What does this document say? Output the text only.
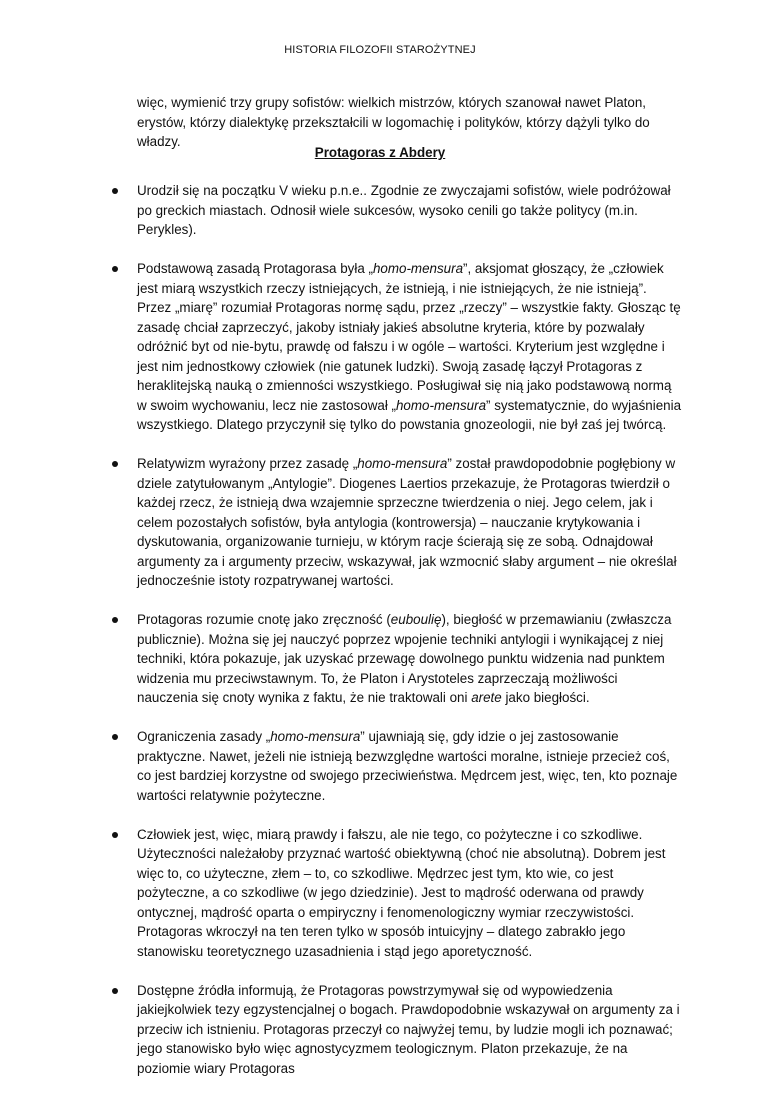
HISTORIA FILOZOFII STAROŻYTNEJ

więc, wymienić trzy grupy sofistów: wielkich mistrzów, których szanował nawet Platon, erystów, którzy dialektykę przekształcili w logomachię i polityków, którzy dążyli tylko do władzy.

Protagoras z Abdery

Urodził się na początku V wieku p.n.e.. Zgodnie ze zwyczajami sofistów, wiele podróżował po greckich miastach. Odnosił wiele sukcesów, wysoko cenili go także politycy (m.in. Perykles).

Podstawową zasadą Protagorasa była „homo-mensura”, aksjomat głoszący, że „człowiek jest miarą wszystkich rzeczy istniejących, że istnieją, i nie istniejących, że nie istnieją”. Przez „miarę” rozumiał Protagoras normę sądu, przez „rzeczy” – wszystkie fakty. Głosząc tę zasadę chciał zaprzeczyć, jakoby istniały jakieś absolutne kryteria, które by pozwalały odróżnić byt od nie-bytu, prawdę od fałszu i w ogóle – wartości. Kryterium jest względne i jest nim jednostkowy człowiek (nie gatunek ludzki). Swoją zasadę łączył Protagoras z heraklitejską nauką o zmienności wszystkiego. Posługiwał się nią jako podstawową normą w swoim wychowaniu, lecz nie zastosował „homo-mensura” systematycznie, do wyjaśnienia wszystkiego. Dlatego przyczynił się tylko do powstania gnozeologii, nie był zaś jej twórcą.

Relatywizm wyrażony przez zasadę „homo-mensura” został prawdopodobnie pogłębiony w dziele zatytułowanym „Antylogie”. Diogenes Laertios przekazuje, że Protagoras twierdził o każdej rzecz, że istnieją dwa wzajemnie sprzeczne twierdzenia o niej. Jego celem, jak i celem pozostałych sofistów, była antylogia (kontrowersja) – nauczanie krytykowania i dyskutowania, organizowanie turnieju, w którym racje ścierają się ze sobą. Odnajdował argumenty za i argumenty przeciw, wskazywał, jak wzmocnić słaby argument – nie określał jednocześnie istoty rozpatrywanej wartości.

Protagoras rozumie cnotę jako zręczność (euboulię), biegłość w przemawianiu (zwłaszcza publicznie). Można się jej nauczyć poprzez wpojenie techniki antylogii i wynikającej z niej techniki, która pokazuje, jak uzyskać przewagę dowolnego punktu widzenia nad punktem widzenia mu przeciwstawnym. To, że Platon i Arystoteles zaprzeczają możliwości nauczenia się cnoty wynika z faktu, że nie traktowali oni arete jako biegłości.

Ograniczenia zasady „homo-mensura” ujawniają się, gdy idzie o jej zastosowanie praktyczne. Nawet, jeżeli nie istnieją bezwzględne wartości moralne, istnieje przecież coś, co jest bardziej korzystne od swojego przeciwieństwa. Mędrcem jest, więc, ten, kto poznaje wartości relatywnie pożyteczne.

Człowiek jest, więc, miarą prawdy i fałszu, ale nie tego, co pożyteczne i co szkodliwe. Użyteczności należałoby przyznać wartość obiektywną (choć nie absolutną). Dobrem jest więc to, co użyteczne, złem – to, co szkodliwe. Mędrzec jest tym, kto wie, co jest pożyteczne, a co szkodliwe (w jego dziedzinie). Jest to mądrość oderwana od prawdy ontycznej, mądrość oparta o empiryczny i fenomenologiczny wymiar rzeczywistości. Protagoras wkroczył na ten teren tylko w sposób intuicyjny – dlatego zabrakło jego stanowisku teoretycznego uzasadnienia i stąd jego aporetyczność.

Dostępne źródła informują, że Protagoras powstrzymywał się od wypowiedzenia jakiejkolwiek tezy egzystencjalnej o bogach. Prawdopodobnie wskazywał on argumenty za i przeciw ich istnieniu. Protagoras przeczył co najwyżej temu, by ludzie mogli ich poznawać; jego stanowisko było więc agnostycyzmem teologicznym. Platon przekazuje, że na poziomie wiary Protagoras
